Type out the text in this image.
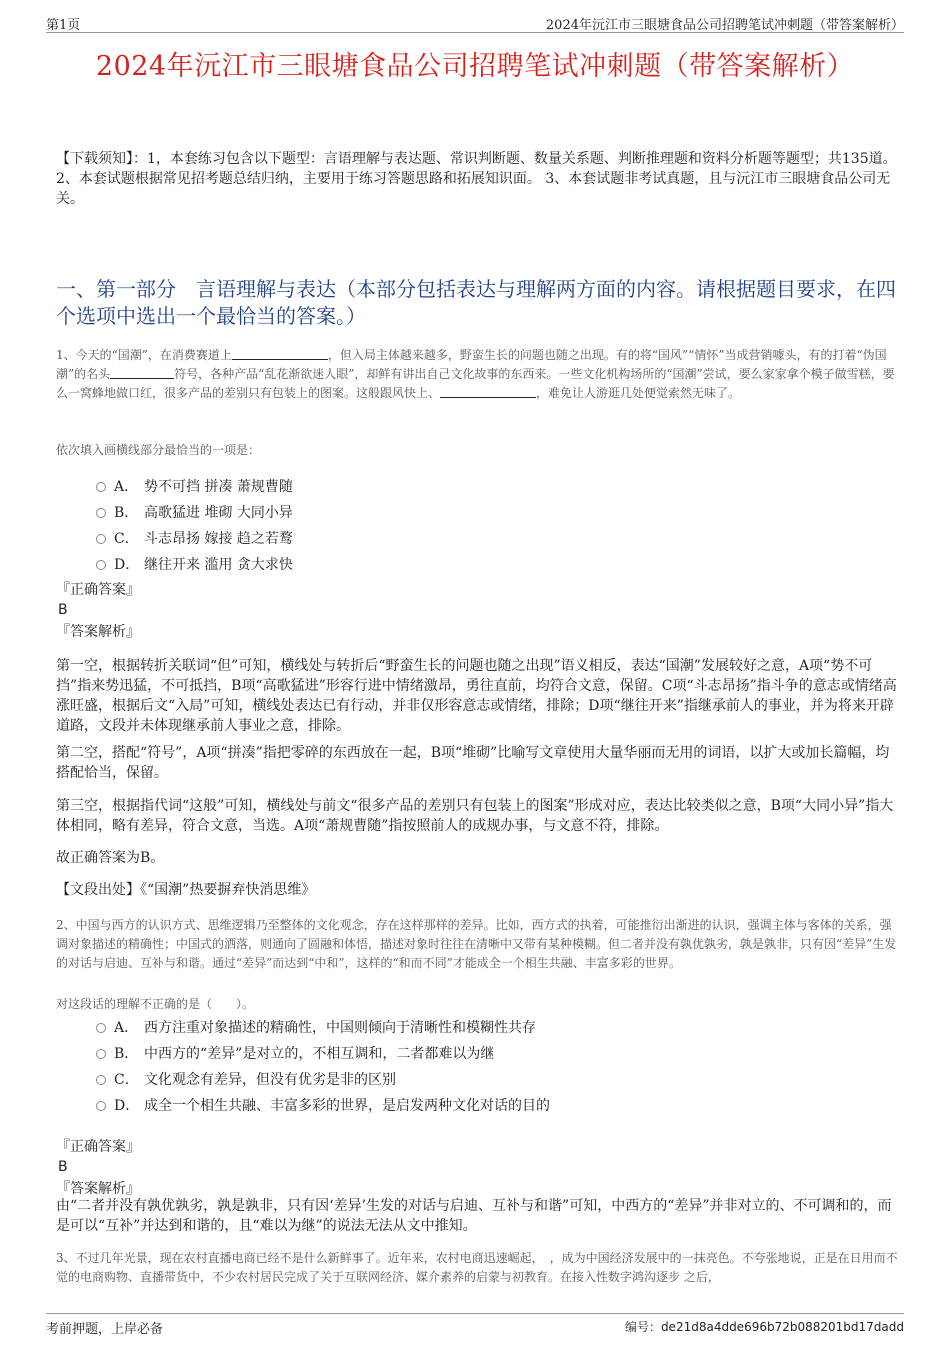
第1页	2024年沅江市三眼塘食品公司招聘笔试冲刺题（带答案解析）
2024年沅江市三眼塘食品公司招聘笔试冲刺题（带答案解析）
【下载须知】：1，本套练习包含以下题型：言语理解与表达题、常识判断题、数量关系题、判断推理题和资料分析题等题型；共135道。 2、本套试题根据常见招考题总结归纳，主要用于练习答题思路和拓展知识面。 3、本套试题非考试真题，且与沅江市三眼塘食品公司无关。
一、第一部分　言语理解与表达（本部分包括表达与理解两方面的内容。请根据题目要求，在四个选项中选出一个最恰当的答案。）
1、今天的“国潮”，在消费赛道上	，但入局主体越来越多，野蛮生长的问题也随之出现。有的将“国风”“情怀”当成营销噱头，有的打着“伪国潮”的名头	符号，各种产品“乱花渐欲迷人眼”，却鲜有讲出自己文化故事的东西来。一些文化机构场所的“国潮”尝试，要么家家拿个模子做雪糕，要么一窝蜂地做口红，很多产品的差别只有包装上的图案。这般跟风快上、	，难免让人游逛几处便觉索然无味了。
依次填入画横线部分最恰当的一项是：
A． 势不可挡 拼凑 萧规曹随
B． 高歌猛进 堆砌 大同小异
C． 斗志昂扬 嫁接 趋之若鹜
D． 继往开来 滥用 贪大求快
『正确答案』
B
『答案解析』
第一空，根据转折关联词“但”可知，横线处与转折后“野蛮生长的问题也随之出现”语义相反，表达“国潮”发展较好之意，A项“势不可挡”指来势迅猛，不可抵挡，B项“高歌猛进”形容行进中情绪激昂，勇往直前，均符合文意，保留。C项“斗志昂扬”指斗争的意志或情绪高涨旺盛，根据后文“入局”可知，横线处表达已有行动，并非仅形容意志或情绪，排除；D项“继往开来”指继承前人的事业，并为将来开辟道路，文段并未体现继承前人事业之意，排除。
第二空，搭配“符号”，A项“拼凑”指把零碎的东西放在一起，B项“堆砌”比喻写文章使用大量华丽而无用的词语，以扩大或加长篇幅，均搭配恰当，保留。
第三空，根据指代词“这般”可知，横线处与前文“很多产品的差别只有包装上的图案”形成对应，表达比较类似之意，B项“大同小异”指大体相同，略有差异，符合文意，当选。A项“萧规曹随”指按照前人的成规办事，与文意不符，排除。
故正确答案为B。
【文段出处】《“国潮”热要摒弃快消思维》
2、中国与西方的认识方式、思维逻辑乃至整体的文化观念，存在这样那样的差异。比如，西方式的执着，可能推衍出渐进的认识，强调主体与客体的关系，强调对象描述的精确性；中国式的洒落，则通向了圆融和体悟，描述对象时往往在清晰中又带有某种模糊。但二者并没有孰优孰劣，孰是孰非，只有因“差异”生发的对话与启迪、互补与和谐。通过“差异”而达到“中和”，这样的“和而不同”才能成全一个相生共融、丰富多彩的世界。
对这段话的理解不正确的是（　　）。
A． 西方注重对象描述的精确性，中国则倾向于清晰性和模糊性共存
B． 中西方的“差异”是对立的，不相互调和，二者都难以为继
C． 文化观念有差异，但没有优劣是非的区别
D． 成全一个相生共融、丰富多彩的世界，是启发两种文化对话的目的
『正确答案』
B
『答案解析』
由“二者并没有孰优孰劣，孰是孰非，只有因‘差异’生发的对话与启迪、互补与和谐”可知，中西方的“差异”并非对立的、不可调和的，而是可以“互补”并达到和谐的，且“难以为继”的说法无法从文中推知。
3、不过几年光景，现在农村直播电商已经不是什么新鲜事了。近年来，农村电商迅速崛起，　，成为中国经济发展中的一抹亮色。不夸张地说，正是在日用而不觉的电商购物、直播带货中，不少农村居民完成了关于互联网经济、媒介素养的启蒙与初教育。在接入性数字鸿沟逐步 之后，
考前押题，上岸必备	编号：de21d8a4dde696b72b088201bd17dadd
